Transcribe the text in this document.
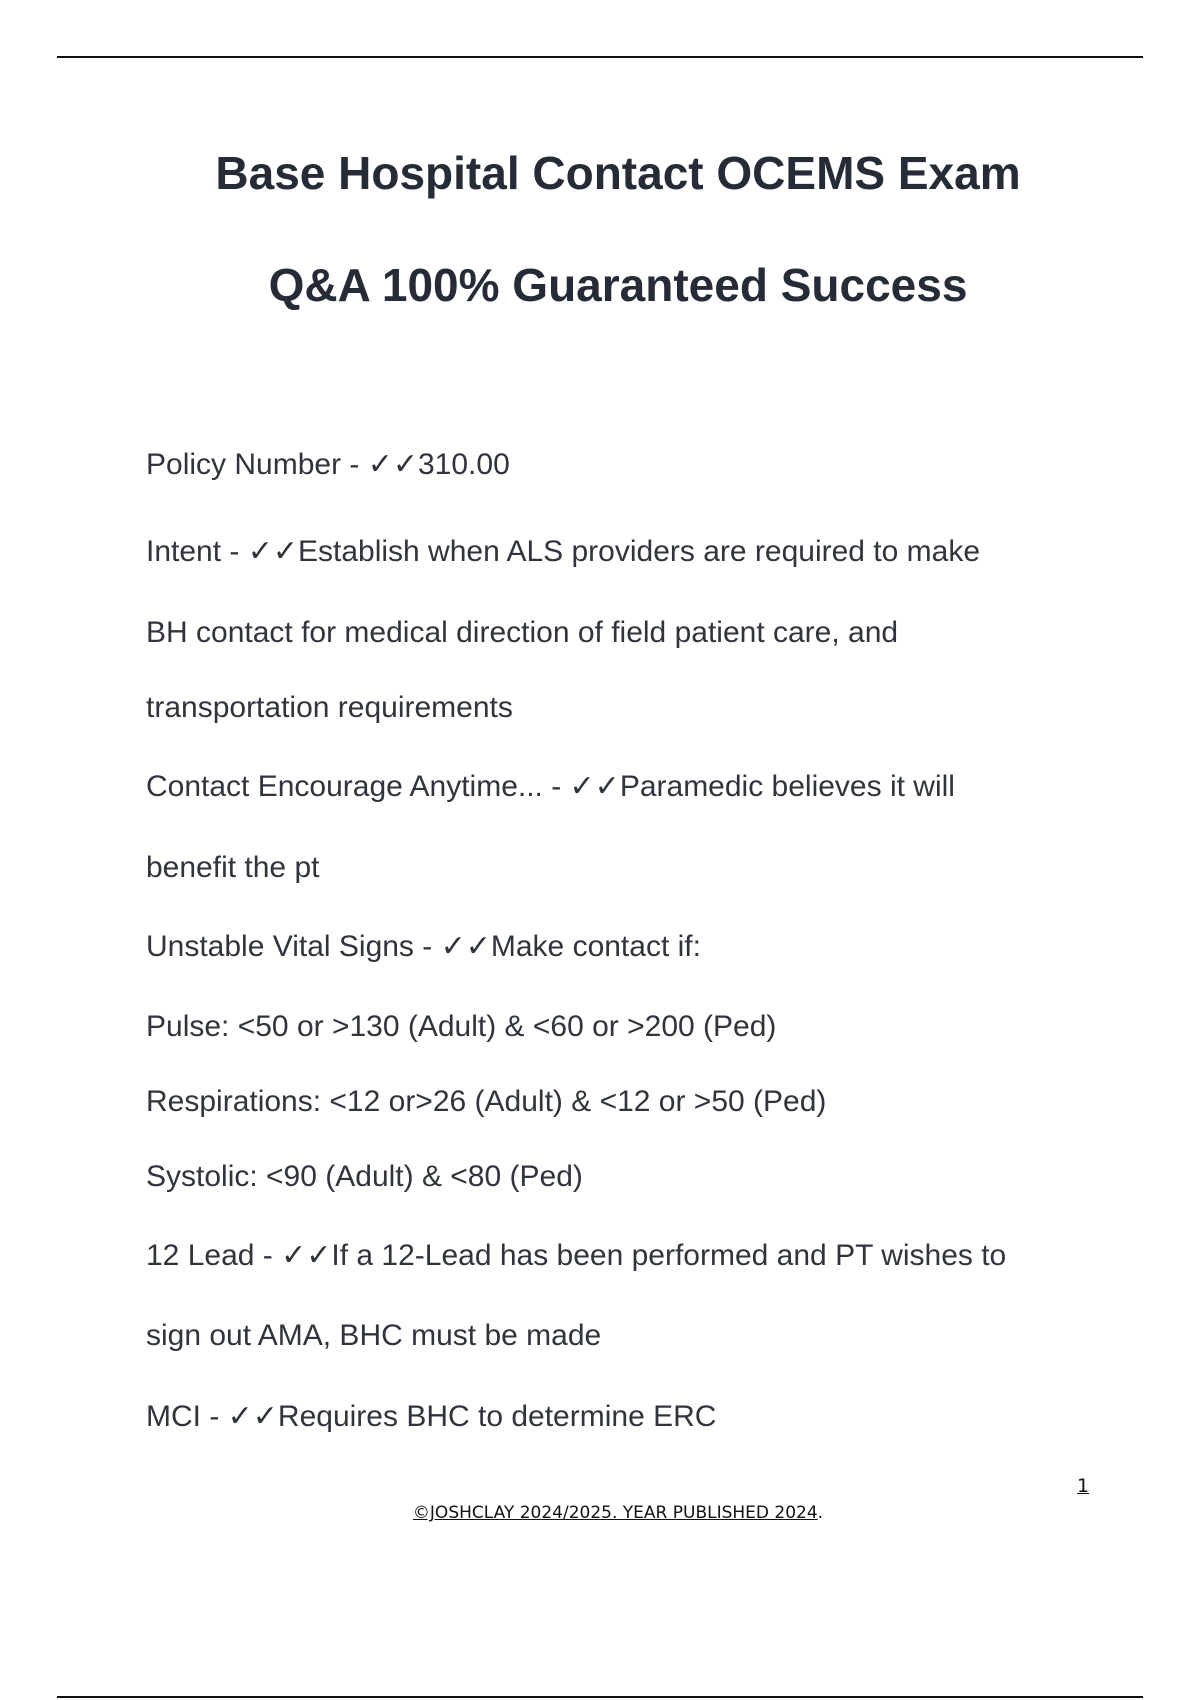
Base Hospital Contact OCEMS Exam
Q&A 100% Guaranteed Success
Policy Number - ✓✓310.00
Intent - ✓✓Establish when ALS providers are required to make
BH contact for medical direction of field patient care, and
transportation requirements
Contact Encourage Anytime... - ✓✓Paramedic believes it will
benefit the pt
Unstable Vital Signs - ✓✓Make contact if:
Pulse: <50 or >130 (Adult) & <60 or >200 (Ped)
Respirations: <12 or>26 (Adult) & <12 or >50 (Ped)
Systolic: <90 (Adult) & <80 (Ped)
12 Lead - ✓✓If a 12-Lead has been performed and PT wishes to
sign out AMA, BHC must be made
MCI - ✓✓Requires BHC to determine ERC
1
©JOSHCLAY 2024/2025. YEAR PUBLISHED 2024.
